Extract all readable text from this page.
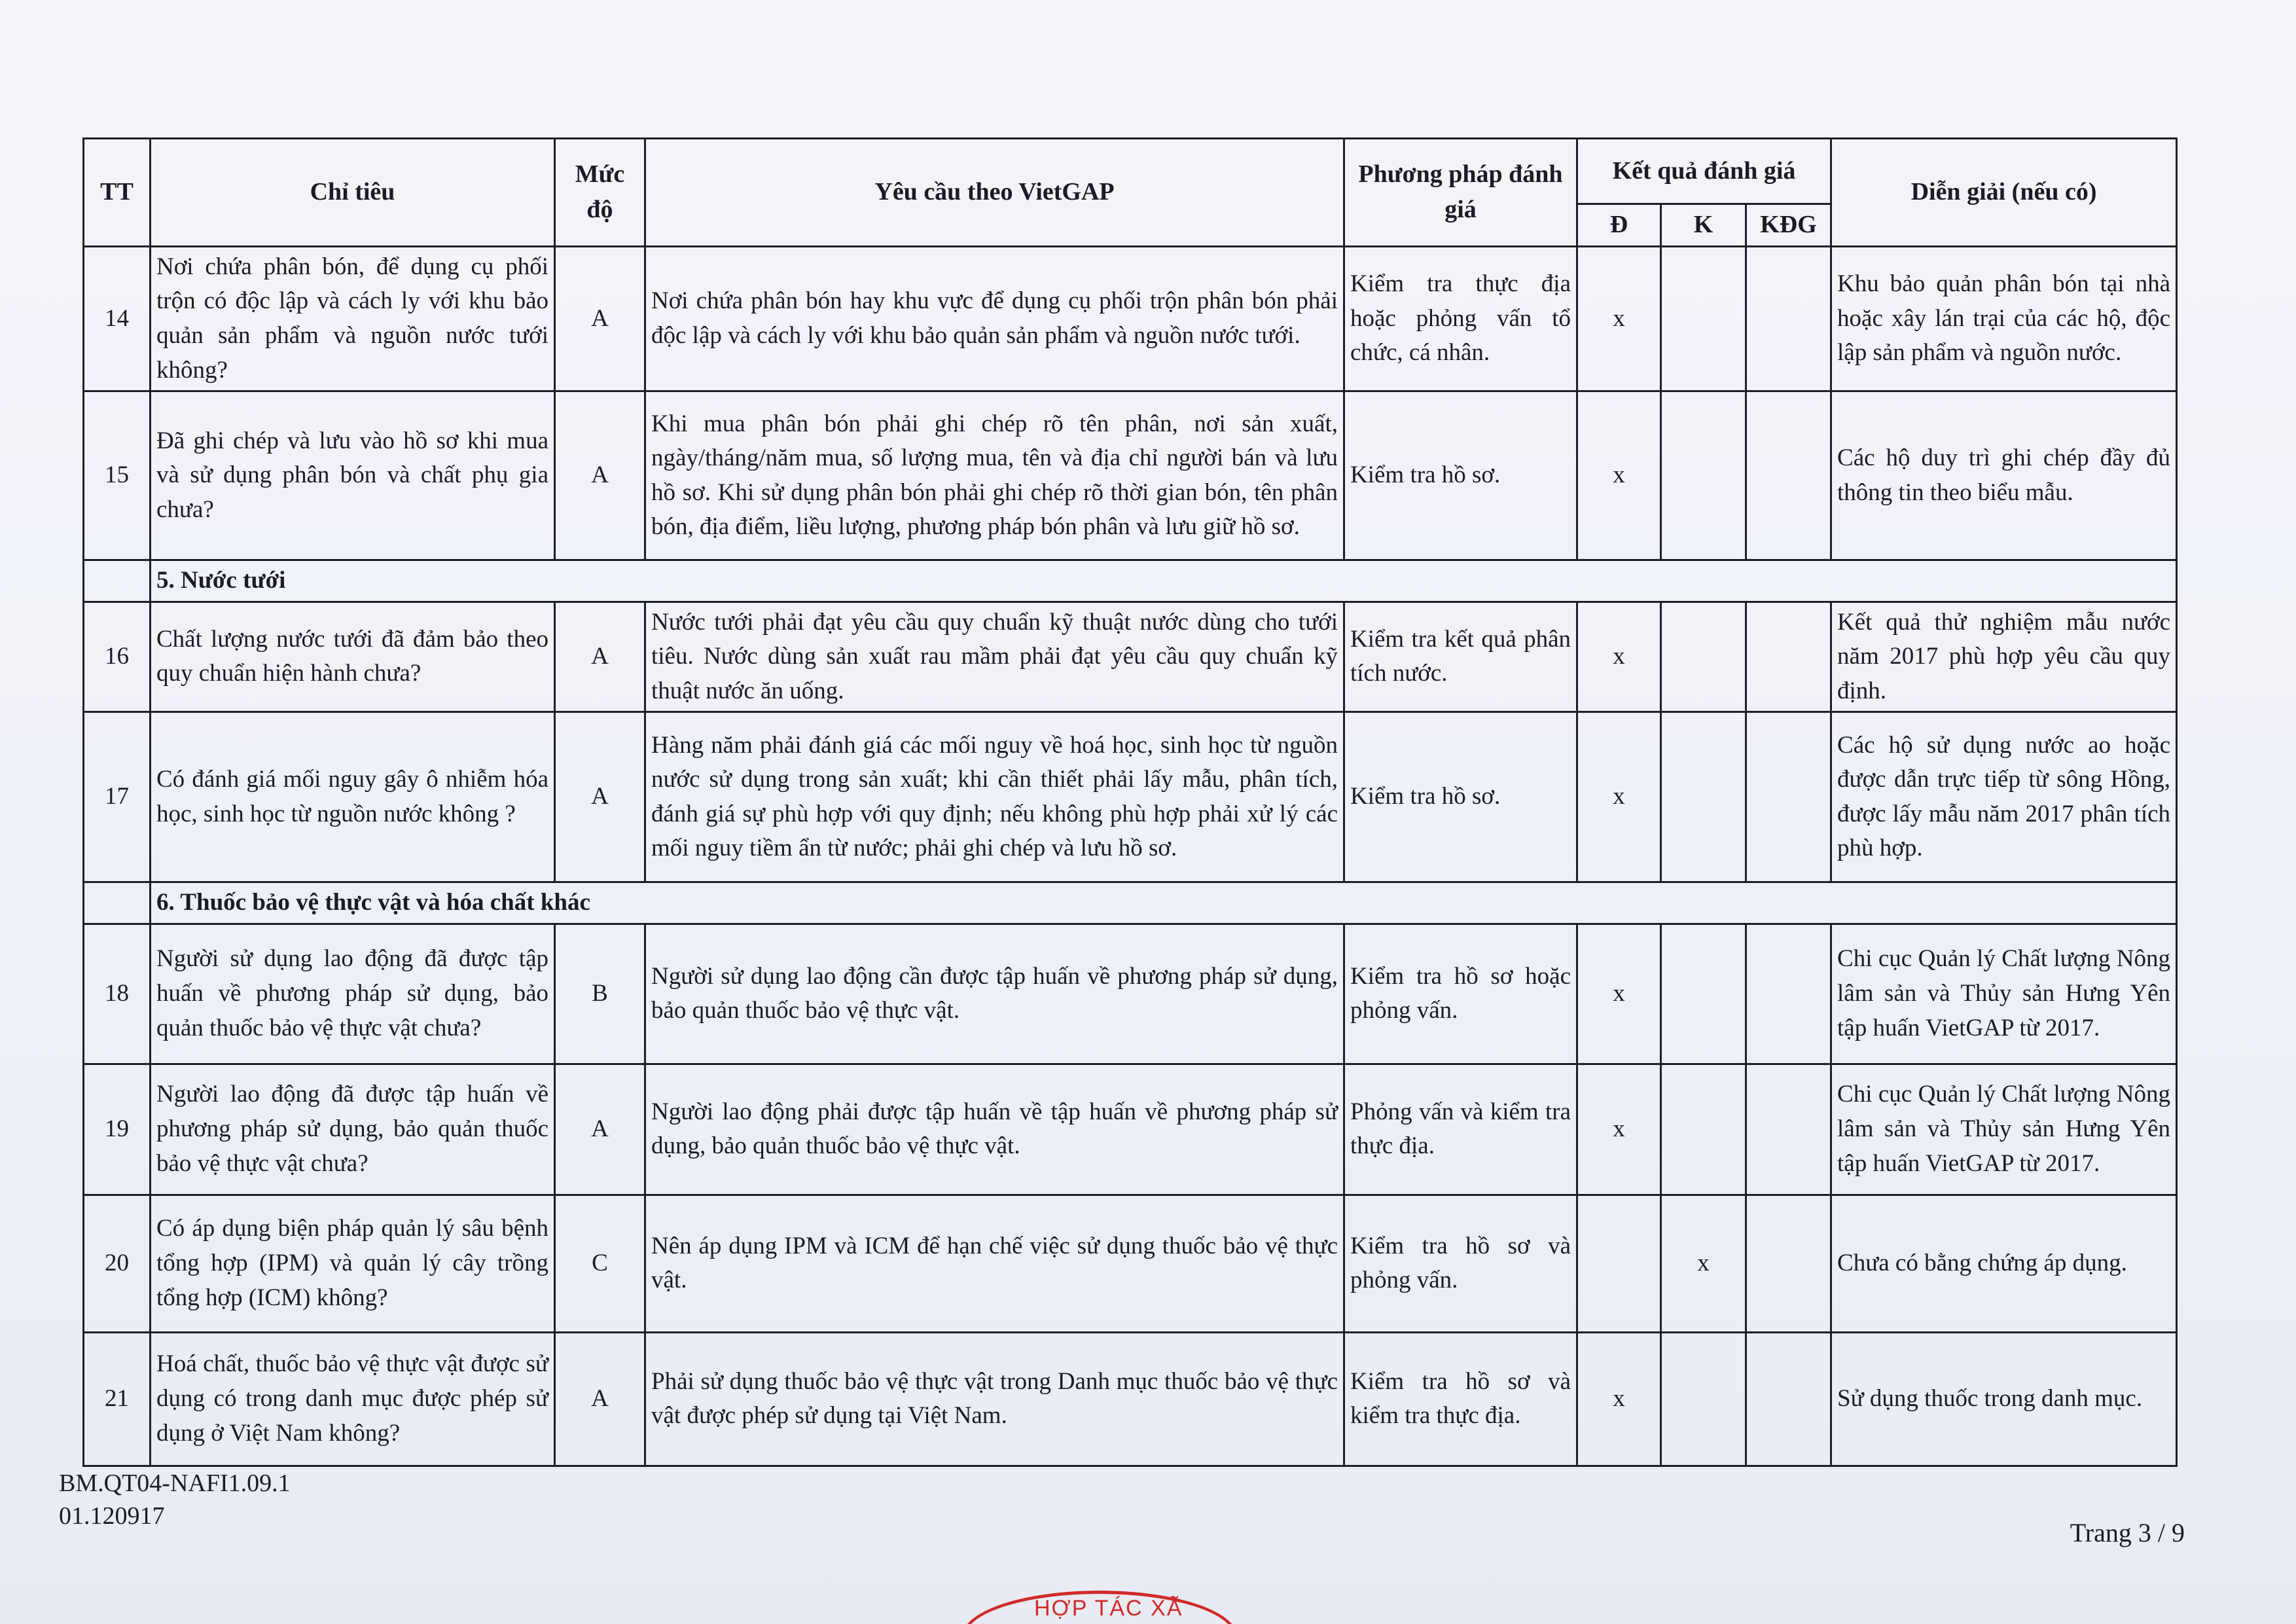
TT	Chỉ tiêu	Mức độ	Yêu cầu theo VietGAP	Phương pháp đánh giá	Kết quả đánh giá			Diễn giải (nếu có)
					Đ	K	KĐG	
14	Nơi chứa phân bón, để dụng cụ phối trộn có độc lập và cách ly với khu bảo quản sản phẩm và nguồn nước tưới không?	A	Nơi chứa phân bón hay khu vực để dụng cụ phối trộn phân bón phải độc lập và cách ly với khu bảo quản sản phẩm và nguồn nước tưới.	Kiểm tra thực địa hoặc phỏng vấn tổ chức, cá nhân.	x			Khu bảo quản phân bón tại nhà hoặc xây lán trại của các hộ, độc lập sản phẩm và nguồn nước.
15	Đã ghi chép và lưu vào hồ sơ khi mua và sử dụng phân bón và chất phụ gia chưa?	A	Khi mua phân bón phải ghi chép rõ tên phân, nơi sản xuất, ngày/tháng/năm mua, số lượng mua, tên và địa chỉ người bán và lưu hồ sơ. Khi sử dụng phân bón phải ghi chép rõ thời gian bón, tên phân bón, địa điểm, liều lượng, phương pháp bón phân và lưu giữ hồ sơ.	Kiểm tra hồ sơ.	x			Các hộ duy trì ghi chép đầy đủ thông tin theo biểu mẫu.
	5. Nước tưới							
16	Chất lượng nước tưới đã đảm bảo theo quy chuẩn hiện hành chưa?	A	Nước tưới phải đạt yêu cầu quy chuẩn kỹ thuật nước dùng cho tưới tiêu. Nước dùng sản xuất rau mầm phải đạt yêu cầu quy chuẩn kỹ thuật nước ăn uống.	Kiểm tra kết quả phân tích nước.	x			Kết quả thử nghiệm mẫu nước năm 2017 phù hợp yêu cầu quy định.
17	Có đánh giá mối nguy gây ô nhiễm hóa học, sinh học từ nguồn nước không ?	A	Hàng năm phải đánh giá các mối nguy về hoá học, sinh học từ nguồn nước sử dụng trong sản xuất; khi cần thiết phải lấy mẫu, phân tích, đánh giá sự phù hợp với quy định; nếu không phù hợp phải xử lý các mối nguy tiềm ẩn từ nước; phải ghi chép và lưu hồ sơ.	Kiểm tra hồ sơ.	x			Các hộ sử dụng nước ao hoặc được dẫn trực tiếp từ sông Hồng, được lấy mẫu năm 2017 phân tích phù hợp.
	6. Thuốc bảo vệ thực vật và hóa chất khác							
18	Người sử dụng lao động đã được tập huấn về phương pháp sử dụng, bảo quản thuốc bảo vệ thực vật chưa?	B	Người sử dụng lao động cần được tập huấn về phương pháp sử dụng, bảo quản thuốc bảo vệ thực vật.	Kiểm tra hồ sơ hoặc phỏng vấn.	x			Chi cục Quản lý Chất lượng Nông lâm sản và Thủy sản Hưng Yên tập huấn VietGAP từ 2017.
19	Người lao động đã được tập huấn về phương pháp sử dụng, bảo quản thuốc bảo vệ thực vật chưa?	A	Người lao động phải được tập huấn về tập huấn về phương pháp sử dụng, bảo quản thuốc bảo vệ thực vật.	Phỏng vấn và kiểm tra thực địa.	x			Chi cục Quản lý Chất lượng Nông lâm sản và Thủy sản Hưng Yên tập huấn VietGAP từ 2017.
20	Có áp dụng biện pháp quản lý sâu bệnh tổng hợp (IPM) và quản lý cây trồng tổng hợp (ICM) không?	C	Nên áp dụng IPM và ICM để hạn chế việc sử dụng thuốc bảo vệ thực vật.	Kiểm tra hồ sơ và phỏng vấn.		x		Chưa có bằng chứng áp dụng.
21	Hoá chất, thuốc bảo vệ thực vật được sử dụng có trong danh mục được phép sử dụng ở Việt Nam không?	A	Phải sử dụng thuốc bảo vệ thực vật trong Danh mục thuốc bảo vệ thực vật được phép sử dụng tại Việt Nam.	Kiểm tra hồ sơ và kiểm tra thực địa.	x			Sử dụng thuốc trong danh mục.
BM.QT04-NAFI1.09.1
01.120917
Trang 3 / 9
HỢP TÁC XÃ
